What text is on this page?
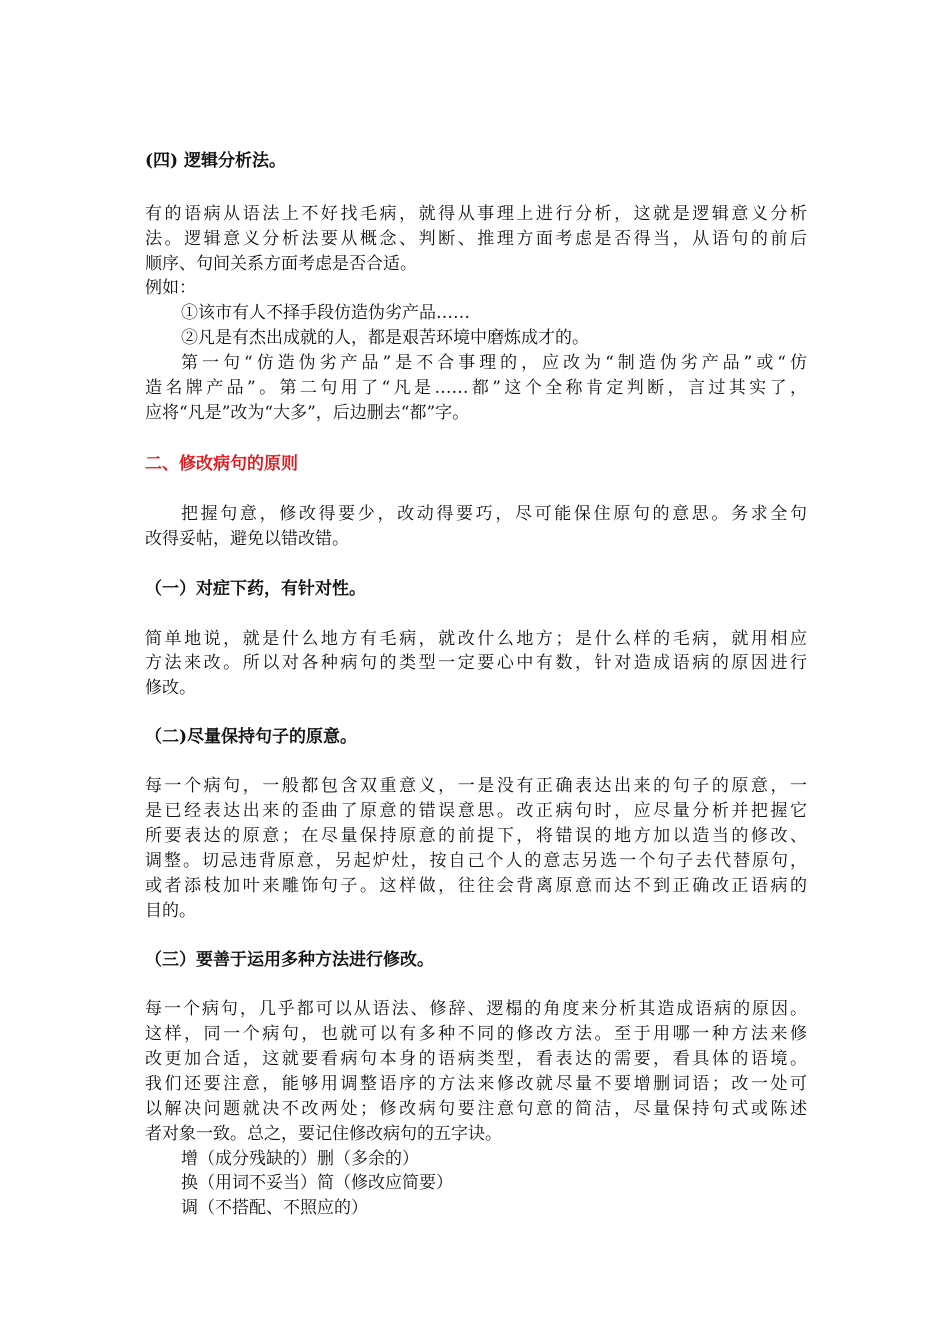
(四) 逻辑分析法。
有的语病从语法上不好找毛病，就得从事理上进行分析，这就是逻辑意义分析
法。逻辑意义分析法要从概念、判断、推理方面考虑是否得当，从语句的前后
顺序、句间关系方面考虑是否合适。
例如：
①该市有人不择手段仿造伪劣产品……
②凡是有杰出成就的人，都是艰苦环境中磨炼成才的。
第一句“仿造伪劣产品”是不合事理的，应改为“制造伪劣产品”或“仿
造名牌产品”。第二句用了“凡是……都”这个全称肯定判断，言过其实了，
应将“凡是”改为“大多”，后边删去“都”字。
二、修改病句的原则
把握句意，修改得要少，改动得要巧，尽可能保住原句的意思。务求全句
改得妥帖，避免以错改错。
（一）对症下药，有针对性。
简单地说，就是什么地方有毛病，就改什么地方；是什么样的毛病，就用相应
方法来改。所以对各种病句的类型一定要心中有数，针对造成语病的原因进行
修改。
（二)尽量保持句子的原意。
每一个病句，一般都包含双重意义，一是没有正确表达出来的句子的原意，一
是已经表达出来的歪曲了原意的错误意思。改正病句时，应尽量分析并把握它
所要表达的原意；在尽量保持原意的前提下，将错误的地方加以造当的修改、
调整。切忌违背原意，另起炉灶，按自己个人的意志另选一个句子去代替原句，
或者添枝加叶来雕饰句子。这样做，往往会背离原意而达不到正确改正语病的
目的。
（三）要善于运用多种方法进行修改。
每一个病句，几乎都可以从语法、修辞、逻榻的角度来分析其造成语病的原因。
这样，同一个病句，也就可以有多种不同的修改方法。至于用哪一种方法来修
改更加合适，这就要看病句本身的语病类型，看表达的需要，看具体的语境。
我们还要注意，能够用调整语序的方法来修改就尽量不要增删词语；改一处可
以解决问题就决不改两处；修改病句要注意句意的简洁，尽量保持句式或陈述
者对象一致。总之，要记住修改病句的五字诀。
增（成分残缺的）删（多余的）
换（用词不妥当）简（修改应简要）
调（不搭配、不照应的）
